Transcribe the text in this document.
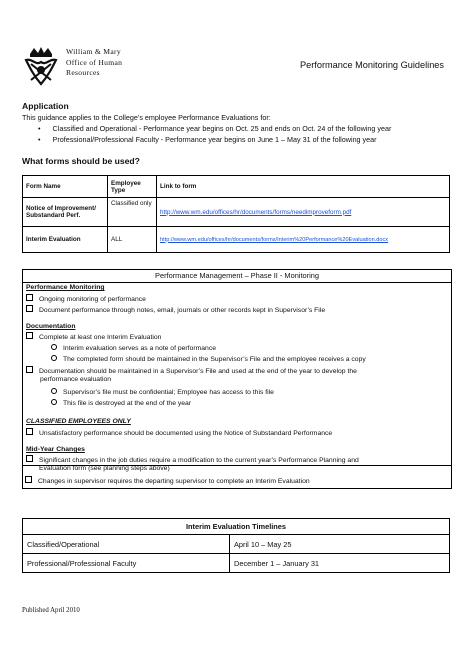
William & Mary
Office of Human
Resources
Performance Monitoring Guidelines
Application
This guidance applies to the College’s employee Performance Evaluations for:
• Classified and Operational - Performance year begins on Oct. 25 and ends on Oct. 24 of the following year
• Professional/Professional Faculty - Performance year begins on June 1 – May 31 of the following year
What forms should be used?
Form Name	Employee Type	Link to form
Notice of Improvement/ Substandard Perf.	Classified only	http://www.wm.edu/offices/hr/documents/forms/needimproveform.pdf
Interim Evaluation	ALL	http://www.wm.edu/offices/hr/documents/forms/Interim%20Performance%20Evaluation.docx
Performance Management – Phase II - Monitoring
Performance Monitoring
Ongoing monitoring of performance
Document performance through notes, email, journals or other records kept in Supervisor’s File
Documentation
Complete at least one Interim Evaluation
Interim evaluation serves as a note of performance
The completed form should be maintained in the Supervisor’s File and the employee receives a copy
Documentation should be maintained in a Supervisor’s File and used at the end of the year to develop the
performance evaluation
Supervisor’s file must be confidential; Employee has access to this file
This file is destroyed at the end of the year
CLASSIFIED EMPLOYEES ONLY
Unsatisfactory performance should be documented using the Notice of Substandard Performance
Mid-Year Changes
Significant changes in the job duties require a modification to the current year’s Performance Planning and
Evaluation form (see planning steps above)
Changes in supervisor requires the departing supervisor to complete an Interim Evaluation
Interim Evaluation Timelines	
Classified/Operational	April 10 – May 25
Professional/Professional Faculty	December 1 – January 31
Published April 2010
